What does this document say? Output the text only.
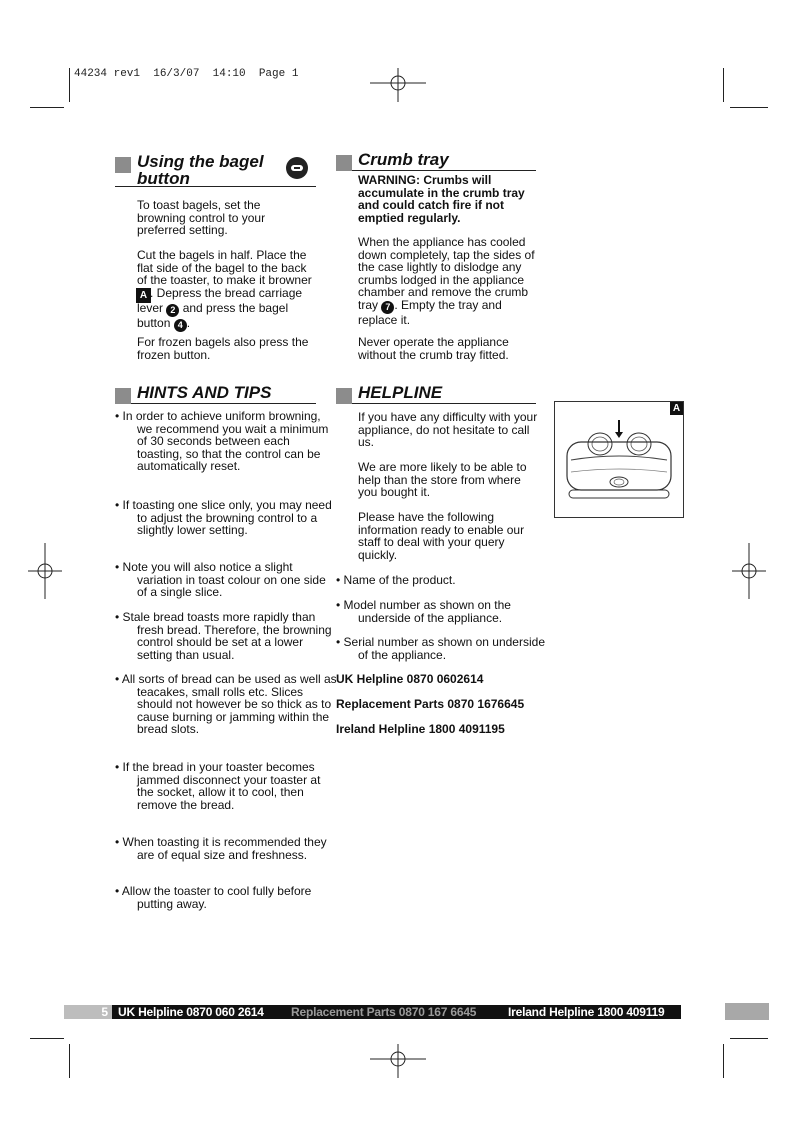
44234 rev1  16/3/07  14:10  Page 1
Using the bagel
button

To toast bagels, set the browning control to your preferred setting.

Cut the bagels in half. Place the flat side of the bagel to the back of the toaster, to make it browner A . Depress the bread carriage lever 2 and press the bagel button 4 .

For frozen bagels also press the frozen button.

Crumb tray

WARNING: Crumbs will accumulate in the crumb tray and could catch fire if not emptied regularly.

When the appliance has cooled down completely, tap the sides of the case lightly to dislodge any crumbs lodged in the appliance chamber and remove the crumb tray 7 . Empty the tray and replace it.

Never operate the appliance without the crumb tray fitted.

HINTS AND TIPS

• In order to achieve uniform browning, we recommend you wait a minimum of 30 seconds between each toasting, so that the control can be automatically reset.

• If toasting one slice only, you may need to adjust the browning control to a slightly lower setting.

• Note you will also notice a slight variation in toast colour on one side of a single slice.

• Stale bread toasts more rapidly than fresh bread. Therefore, the browning control should be set at a lower setting than usual.

• All sorts of bread can be used as well as teacakes, small rolls etc. Slices should not however be so thick as to cause burning or jamming within the bread slots.

• If the bread in your toaster becomes jammed disconnect your toaster at the socket, allow it to cool, then remove the bread.

• When toasting it is recommended they are of equal size and freshness.

• Allow the toaster to cool fully before putting away.

HELPLINE

If you have any difficulty with your appliance, do not hesitate to call us.

We are more likely to be able to help than the store from where you bought it.

Please have the following information ready to enable our staff to deal with your query quickly.

• Name of the product.

• Model number as shown on the underside of the appliance.

• Serial number as shown on underside of the appliance.

UK Helpline 0870 0602614

Replacement Parts 0870 1676645

Ireland Helpline 1800 4091195

A
5 UK Helpline 0870 060 2614 Replacement Parts 0870 167 6645	Ireland Helpline 1800 409119
